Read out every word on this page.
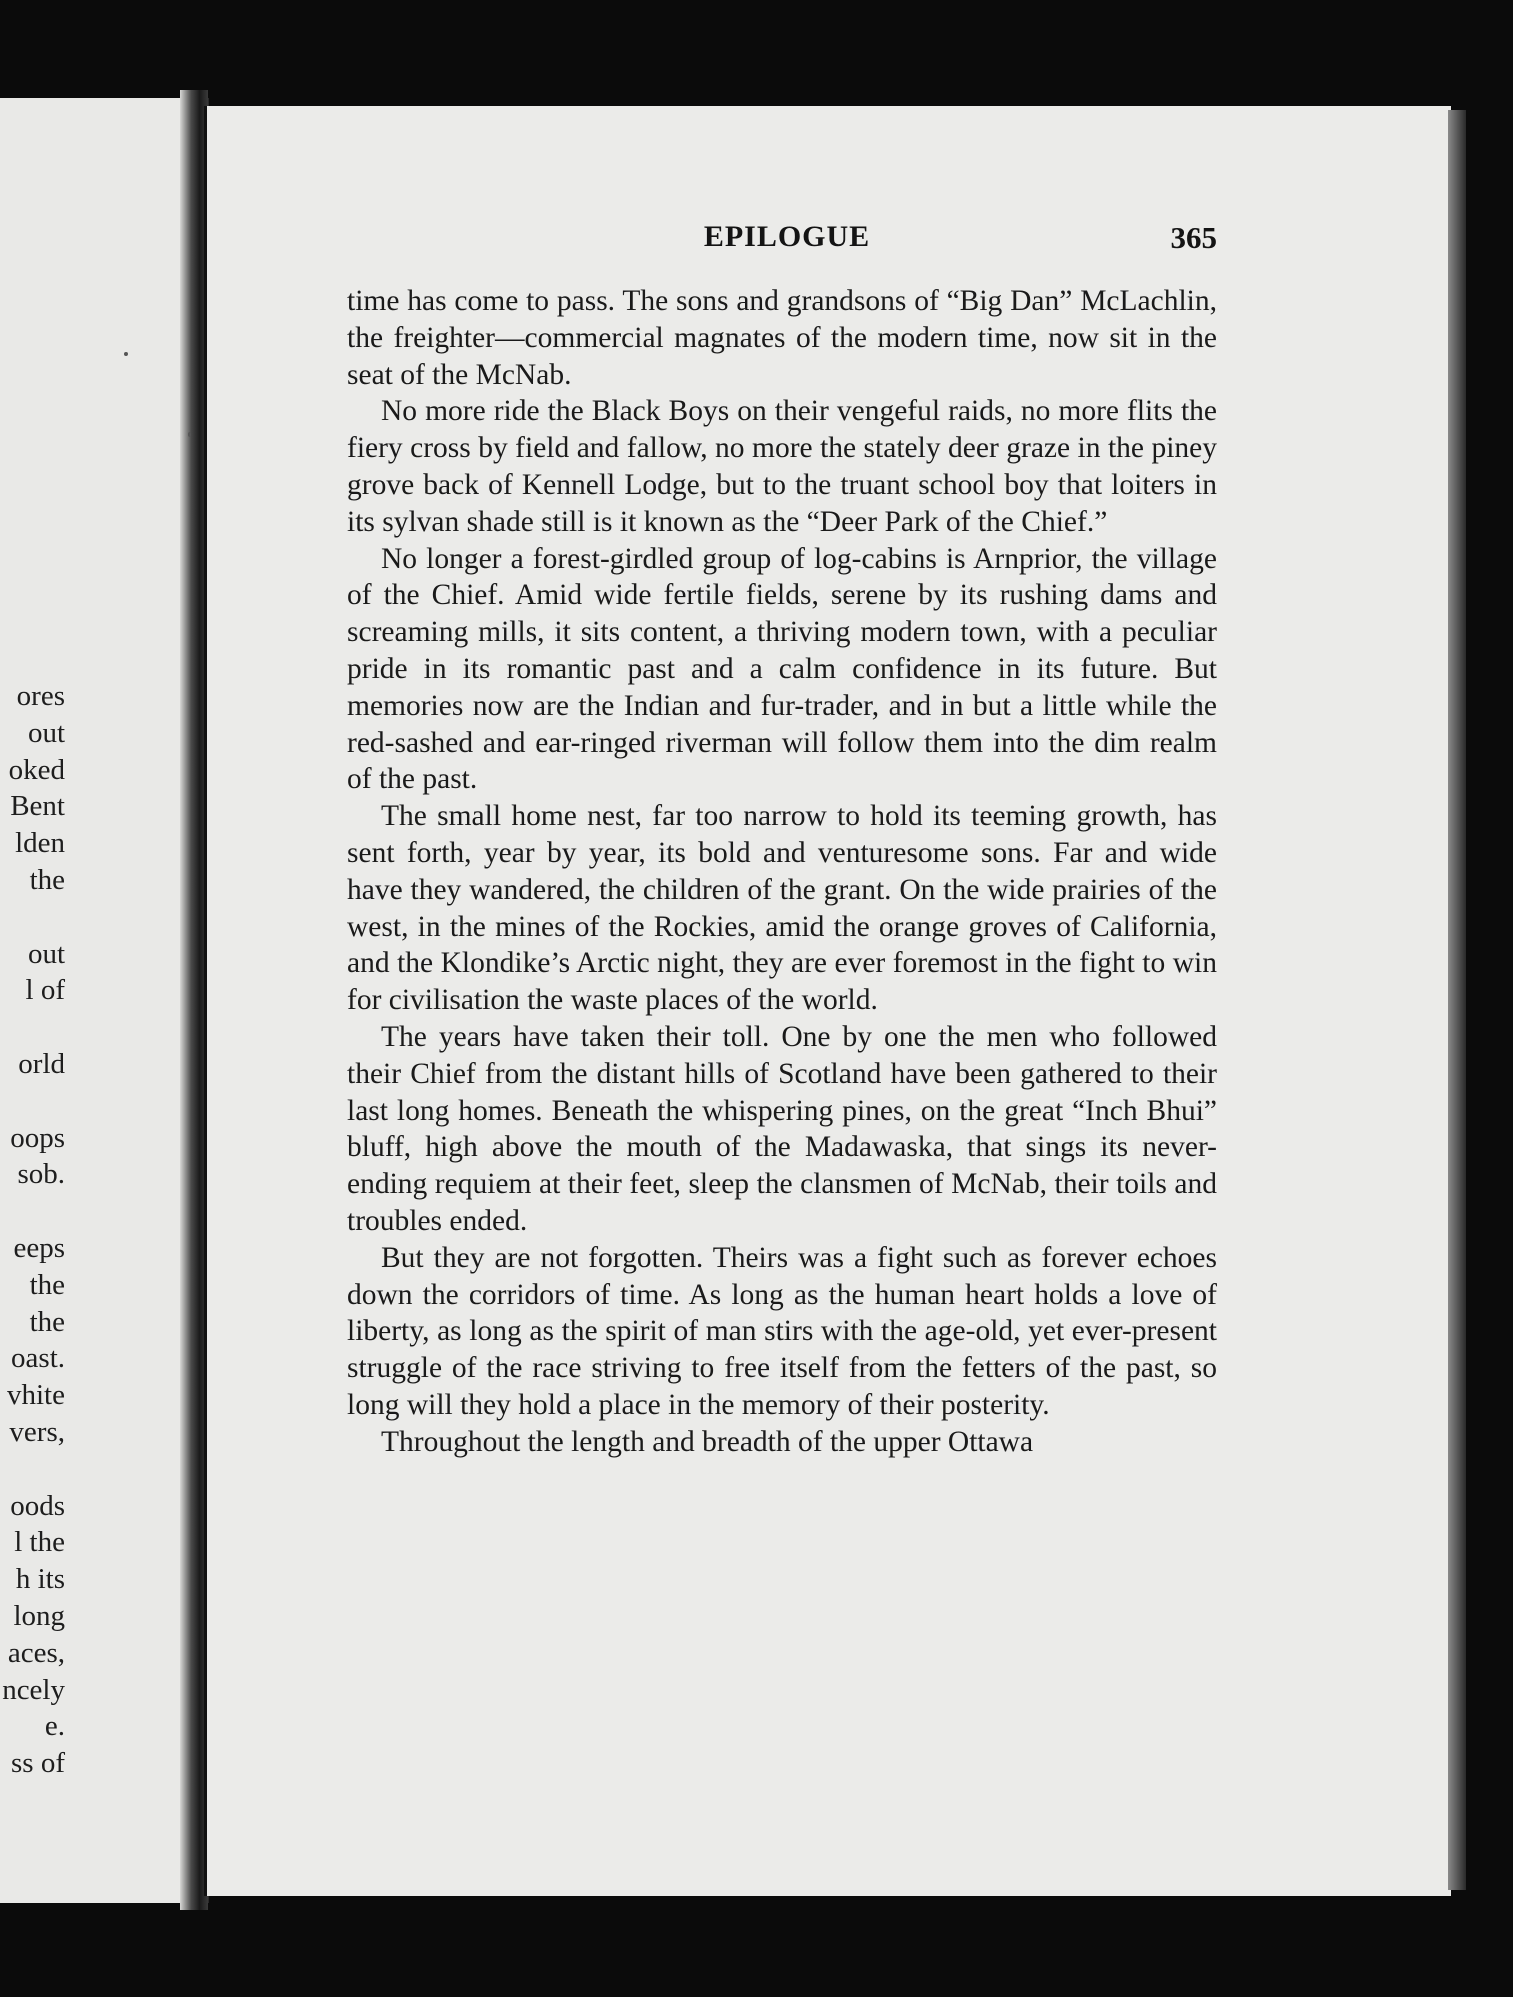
ores
out
oked
Bent
lden
the
out
l of
orld
oops
sob.
eeps
the
the
oast.
vhite
vers,
oods
l the
h its
long
aces,
ncely
e.
ss of
EPILOGUE	365

time has come to pass. The sons and grandsons of “Big Dan” McLachlin, the freighter—commercial magnates of the modern time, now sit in the seat of the McNab.

No more ride the Black Boys on their vengeful raids, no more flits the fiery cross by field and fallow, no more the stately deer graze in the piney grove back of Kennell Lodge, but to the truant school boy that loiters in its sylvan shade still is it known as the “Deer Park of the Chief.”

No longer a forest-girdled group of log-cabins is Arnprior, the village of the Chief. Amid wide fertile fields, serene by its rushing dams and screaming mills, it sits content, a thriving modern town, with a peculiar pride in its romantic past and a calm confidence in its future. But memories now are the Indian and fur-trader, and in but a little while the red-sashed and ear-ringed riverman will follow them into the dim realm of the past.

The small home nest, far too narrow to hold its teeming growth, has sent forth, year by year, its bold and venturesome sons. Far and wide have they wandered, the children of the grant. On the wide prairies of the west, in the mines of the Rockies, amid the orange groves of California, and the Klondike’s Arctic night, they are ever foremost in the fight to win for civilisation the waste places of the world.

The years have taken their toll. One by one the men who followed their Chief from the distant hills of Scotland have been gathered to their last long homes. Beneath the whispering pines, on the great “Inch Bhui” bluff, high above the mouth of the Madawaska, that sings its never-ending requiem at their feet, sleep the clansmen of McNab, their toils and troubles ended.

But they are not forgotten. Theirs was a fight such as forever echoes down the corridors of time. As long as the human heart holds a love of liberty, as long as the spirit of man stirs with the age-old, yet ever-present struggle of the race striving to free itself from the fetters of the past, so long will they hold a place in the memory of their posterity.

Throughout the length and breadth of the upper Ottawa
